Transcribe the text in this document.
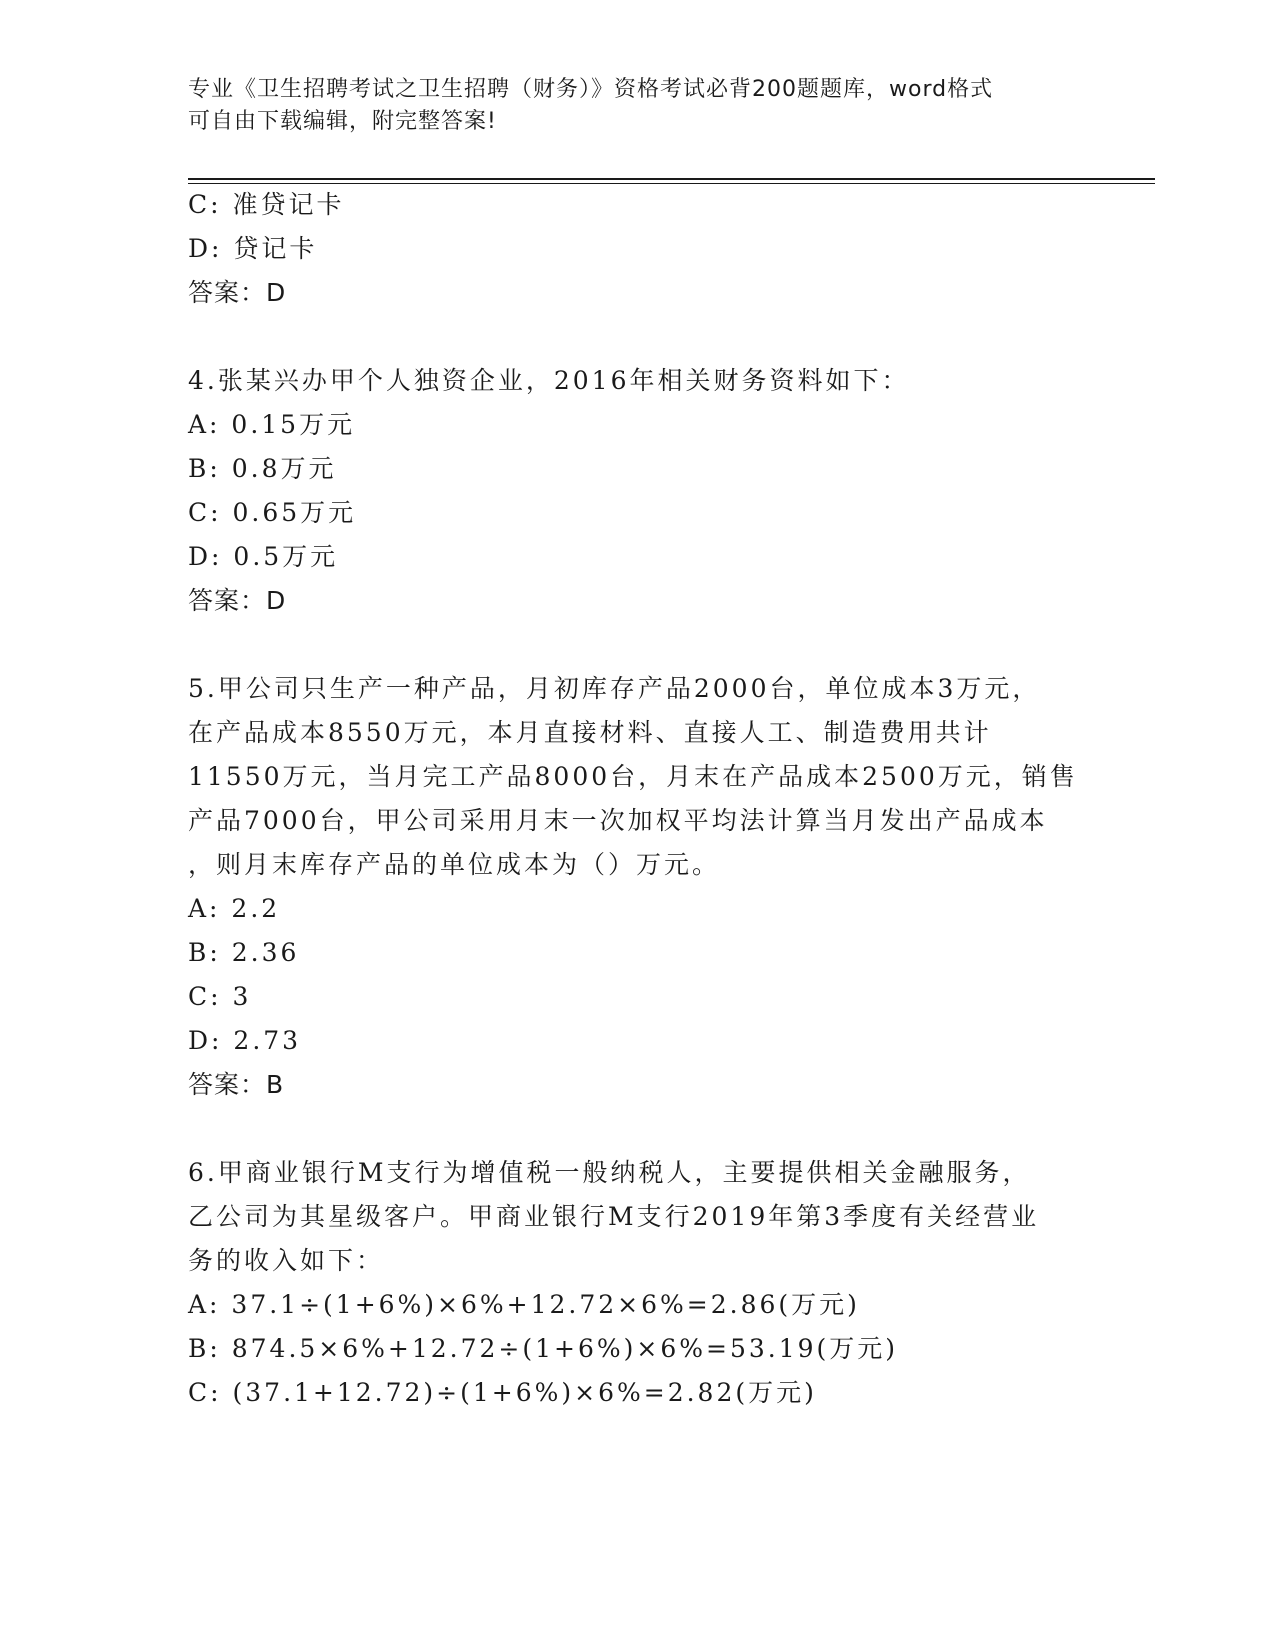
专业《卫生招聘考试之卫生招聘（财务）》资格考试必背200题题库，word格式
可自由下载编辑，附完整答案!
C: 准贷记卡
D: 贷记卡
答案：D
4.张某兴办甲个人独资企业，2016年相关财务资料如下：
A: 0.15万元
B: 0.8万元
C: 0.65万元
D: 0.5万元
答案：D
5.甲公司只生产一种产品，月初库存产品2000台，单位成本3万元，
在产品成本8550万元，本月直接材料、直接人工、制造费用共计
11550万元，当月完工产品8000台，月末在产品成本2500万元，销售
产品7000台，甲公司采用月末一次加权平均法计算当月发出产品成本
，则月末库存产品的单位成本为（）万元。
A: 2.2
B: 2.36
C: 3
D: 2.73
答案：B
6.甲商业银行M支行为增值税一般纳税人，主要提供相关金融服务，
乙公司为其星级客户。甲商业银行M支行2019年第3季度有关经营业
务的收入如下：
A: 37.1÷(1+6%)×6%+12.72×6%=2.86(万元)
B: 874.5×6%+12.72÷(1+6%)×6%=53.19(万元)
C: (37.1+12.72)÷(1+6%)×6%=2.82(万元)
